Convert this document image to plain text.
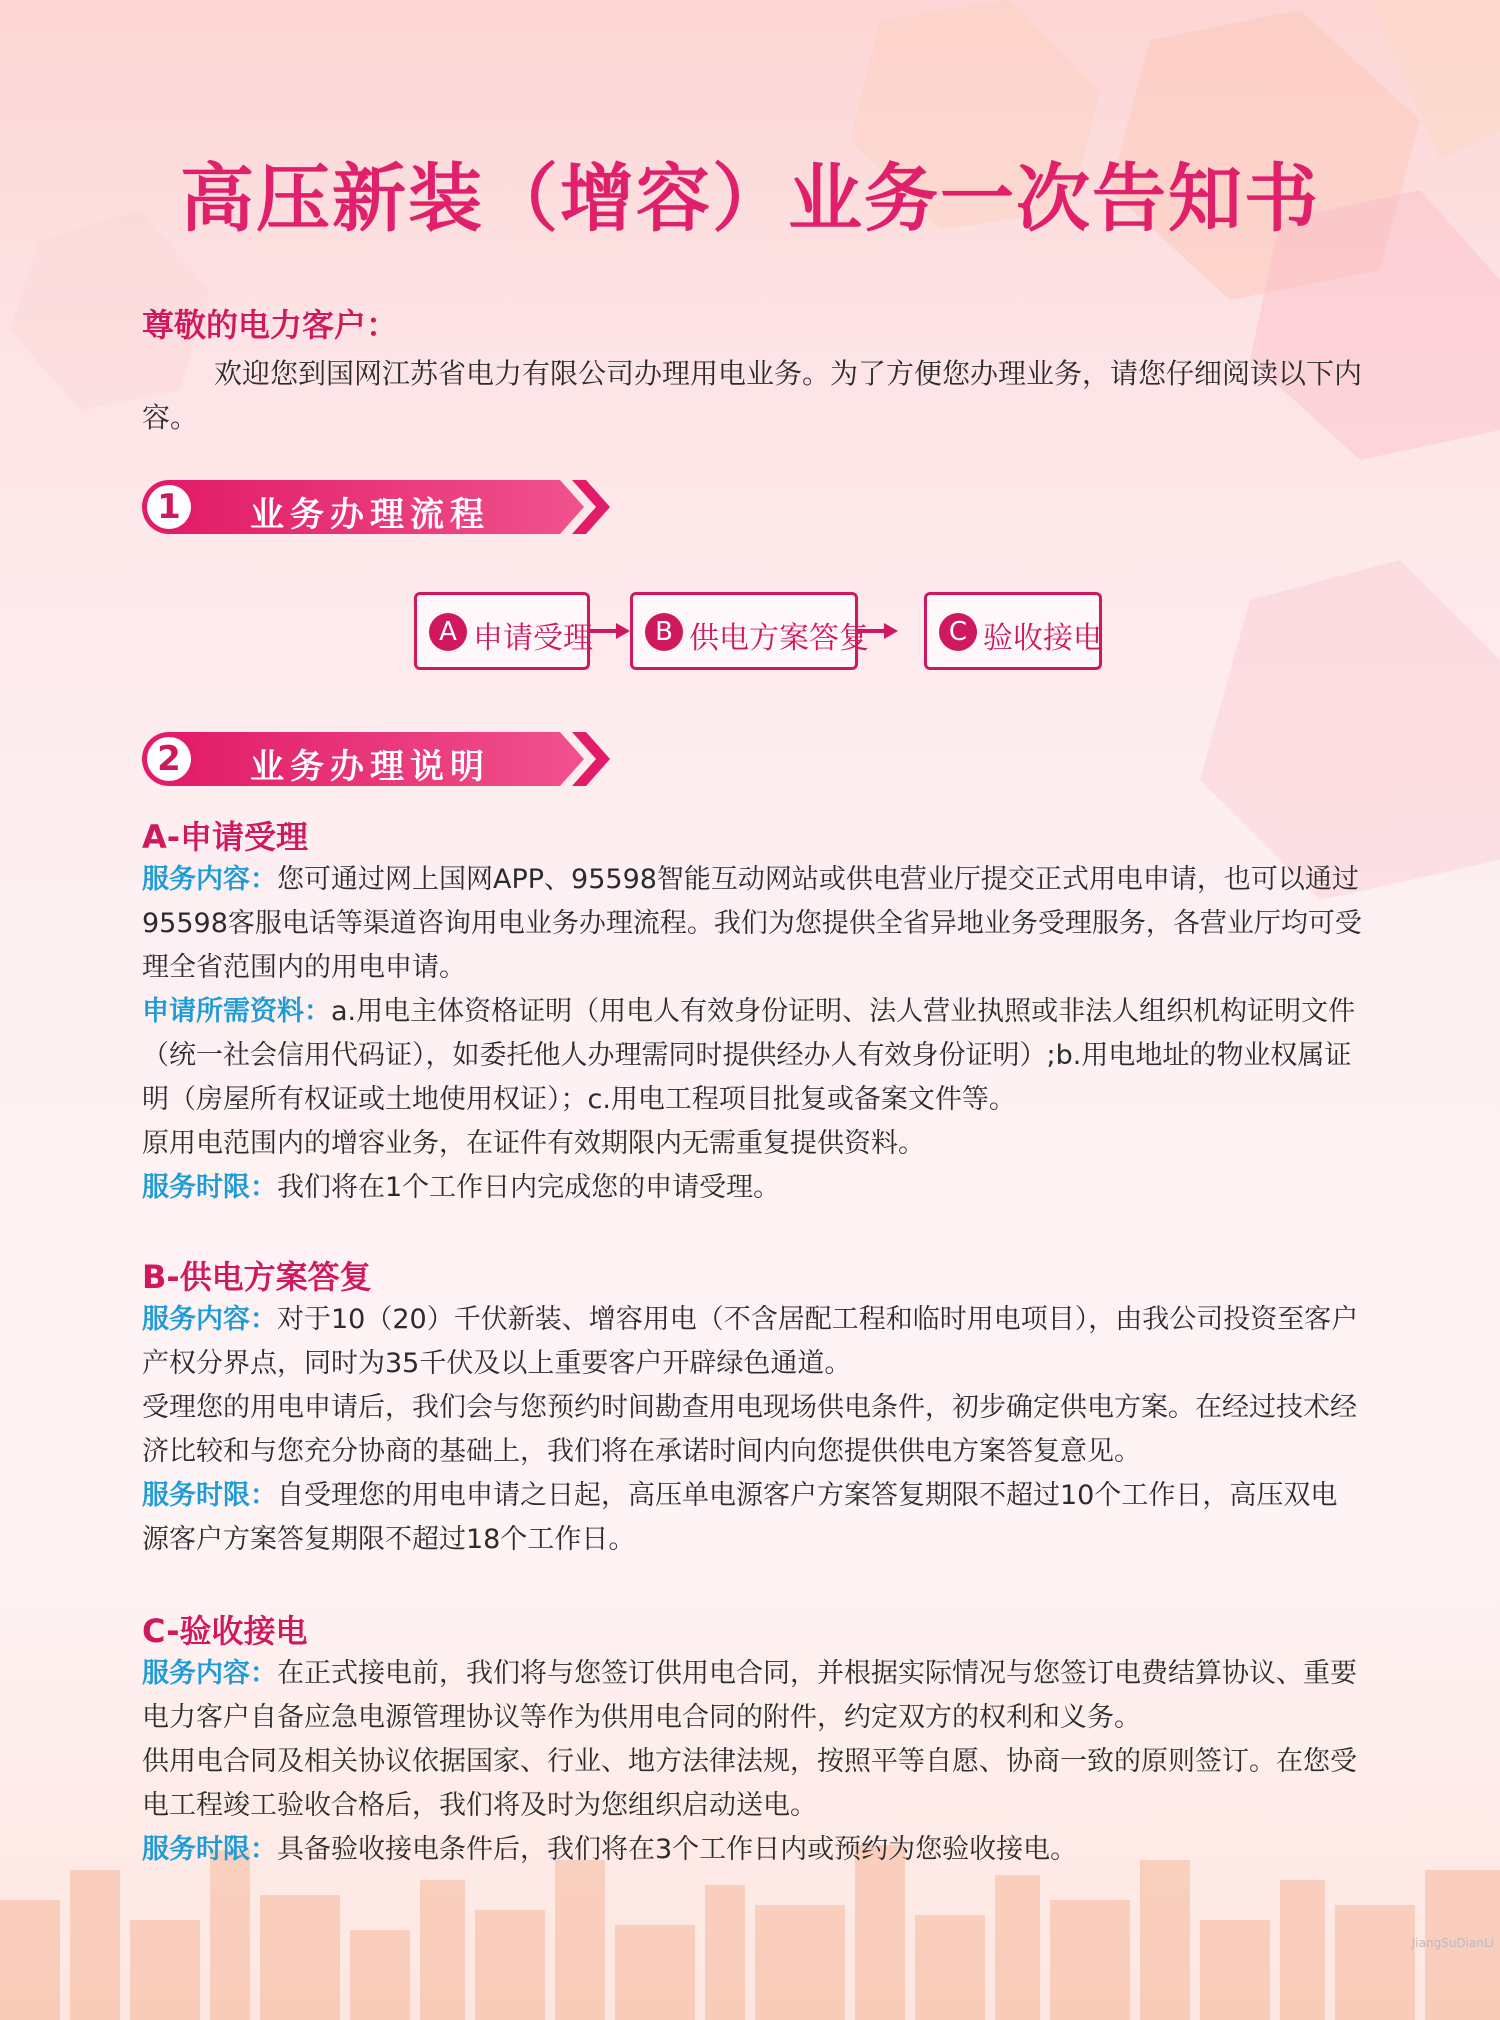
高压新装（增容）业务一次告知书
尊敬的电力客户：
欢迎您到国网江苏省电力有限公司办理用电业务。为了方便您办理业务，请您仔细阅读以下内容。
1	业务办理流程
A 申请受理	B 供电方案答复	C 验收接电
2	业务办理说明
A-申请受理

服务内容：您可通过网上国网APP、95598智能互动网站或供电营业厅提交正式用电申请，也可以通过95598客服电话等渠道咨询用电业务办理流程。我们为您提供全省异地业务受理服务，各营业厅均可受理全省范围内的用电申请。

申请所需资料：a.用电主体资格证明（用电人有效身份证明、法人营业执照或非法人组织机构证明文件（统一社会信用代码证），如委托他人办理需同时提供经办人有效身份证明）;b.用电地址的物业权属证明（房屋所有权证或土地使用权证）；c.用电工程项目批复或备案文件等。

原用电范围内的增容业务，在证件有效期限内无需重复提供资料。

服务时限：我们将在1个工作日内完成您的申请受理。

B-供电方案答复

服务内容：对于10（20）千伏新装、增容用电（不含居配工程和临时用电项目），由我公司投资至客户产权分界点，同时为35千伏及以上重要客户开辟绿色通道。

受理您的用电申请后，我们会与您预约时间勘查用电现场供电条件，初步确定供电方案。在经过技术经济比较和与您充分协商的基础上，我们将在承诺时间内向您提供供电方案答复意见。

服务时限：自受理您的用电申请之日起，高压单电源客户方案答复期限不超过10个工作日，高压双电源客户方案答复期限不超过18个工作日。

C-验收接电

服务内容：在正式接电前，我们将与您签订供用电合同，并根据实际情况与您签订电费结算协议、重要电力客户自备应急电源管理协议等作为供用电合同的附件，约定双方的权利和义务。

供用电合同及相关协议依据国家、行业、地方法律法规，按照平等自愿、协商一致的原则签订。在您受电工程竣工验收合格后，我们将及时为您组织启动送电。

服务时限：具备验收接电条件后，我们将在3个工作日内或预约为您验收接电。

JiangSuDianLi
